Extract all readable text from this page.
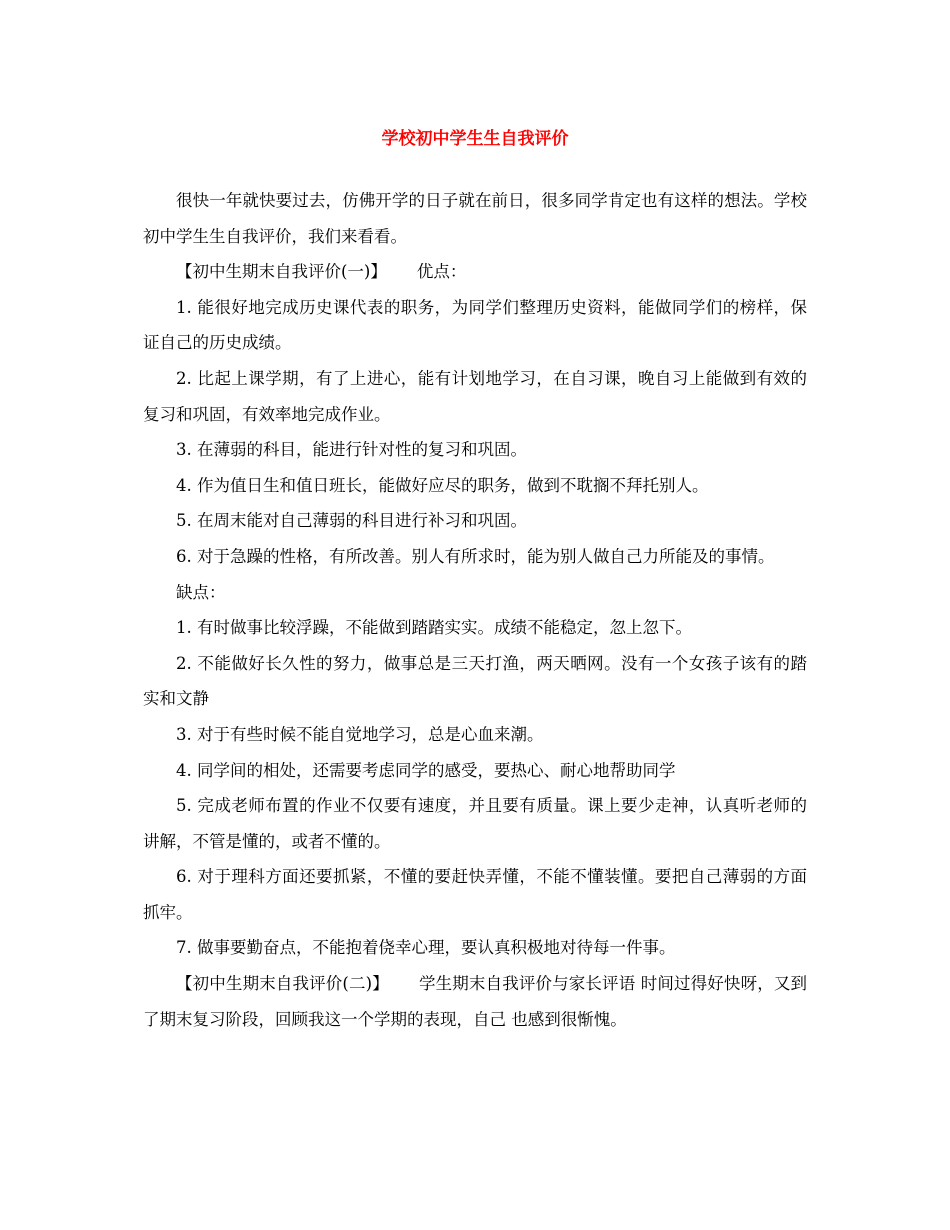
学校初中学生生自我评价

很快一年就快要过去，仿佛开学的日子就在前日，很多同学肯定也有这样的想法。学校初中学生生自我评价，我们来看看。

【初中生期末自我评价(一)】 优点：

1. 能很好地完成历史课代表的职务，为同学们整理历史资料，能做同学们的榜样，保证自己的历史成绩。

2. 比起上课学期，有了上进心，能有计划地学习，在自习课，晚自习上能做到有效的复习和巩固，有效率地完成作业。

3. 在薄弱的科目，能进行针对性的复习和巩固。

4. 作为值日生和值日班长，能做好应尽的职务，做到不耽搁不拜托别人。

5. 在周末能对自己薄弱的科目进行补习和巩固。

6. 对于急躁的性格，有所改善。别人有所求时，能为别人做自己力所能及的事情。

缺点：

1. 有时做事比较浮躁，不能做到踏踏实实。成绩不能稳定，忽上忽下。

2. 不能做好长久性的努力，做事总是三天打渔，两天晒网。没有一个女孩子该有的踏实和文静

3. 对于有些时候不能自觉地学习，总是心血来潮。

4. 同学间的相处，还需要考虑同学的感受，要热心、耐心地帮助同学

5. 完成老师布置的作业不仅要有速度，并且要有质量。课上要少走神，认真听老师的讲解，不管是懂的，或者不懂的。

6. 对于理科方面还要抓紧，不懂的要赶快弄懂，不能不懂装懂。要把自己薄弱的方面抓牢。

7. 做事要勤奋点，不能抱着侥幸心理，要认真积极地对待每一件事。

【初中生期末自我评价(二)】 学生期末自我评价与家长评语 时间过得好快呀，又到了期末复习阶段，回顾我这一个学期的表现，自己 也感到很惭愧。
